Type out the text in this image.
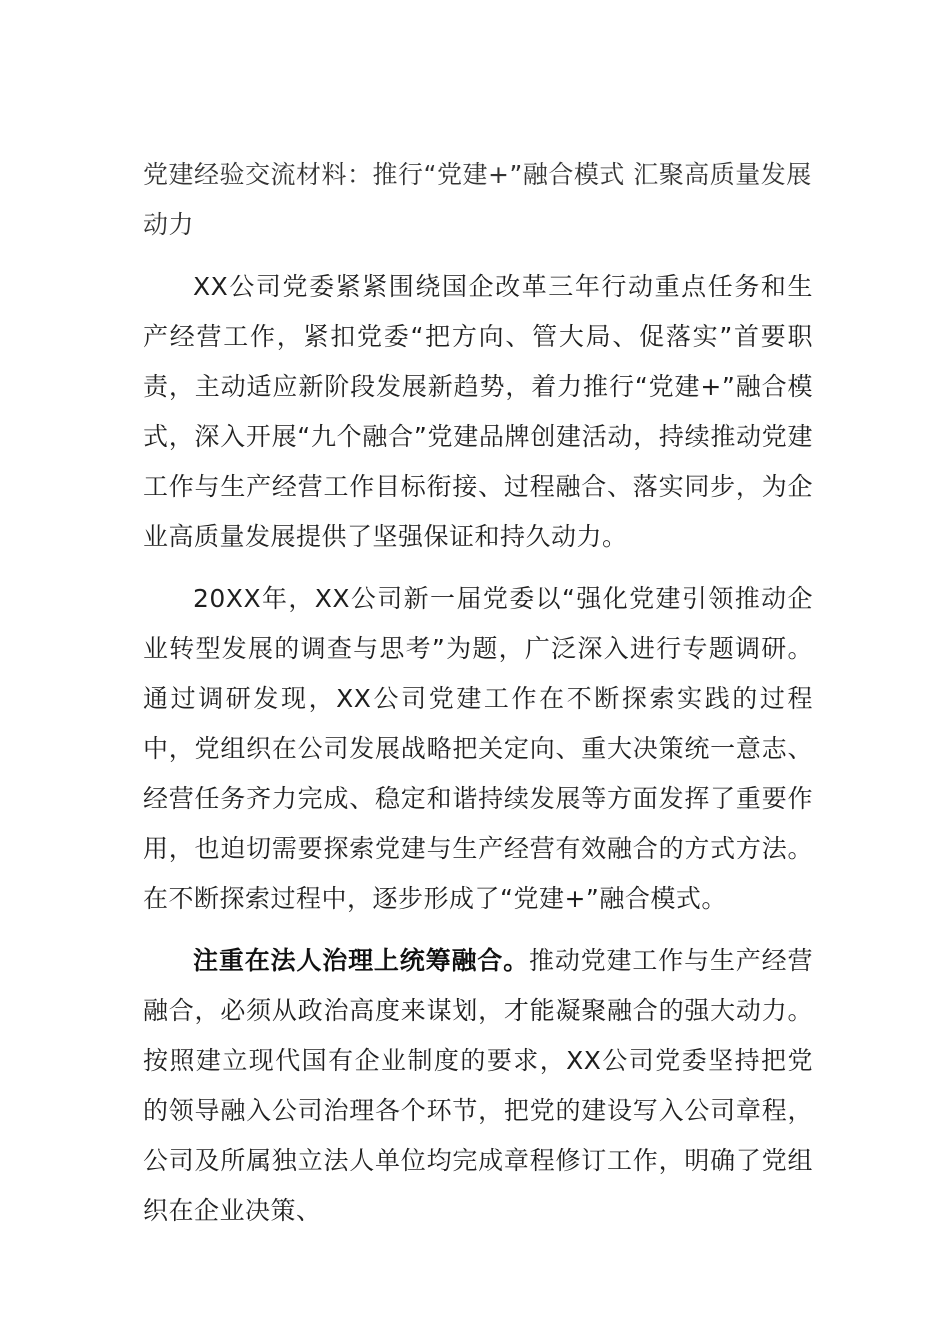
党建经验交流材料：推行“党建+”融合模式 汇聚高质量发展动力

XX公司党委紧紧围绕国企改革三年行动重点任务和生产经营工作，紧扣党委“把方向、管大局、促落实”首要职责，主动适应新阶段发展新趋势，着力推行“党建+”融合模式，深入开展“九个融合”党建品牌创建活动，持续推动党建工作与生产经营工作目标衔接、过程融合、落实同步，为企业高质量发展提供了坚强保证和持久动力。

20XX年，XX公司新一届党委以“强化党建引领推动企业转型发展的调查与思考”为题，广泛深入进行专题调研。通过调研发现，XX公司党建工作在不断探索实践的过程中，党组织在公司发展战略把关定向、重大决策统一意志、经营任务齐力完成、稳定和谐持续发展等方面发挥了重要作用，也迫切需要探索党建与生产经营有效融合的方式方法。在不断探索过程中，逐步形成了“党建+”融合模式。

注重在法人治理上统筹融合。推动党建工作与生产经营融合，必须从政治高度来谋划，才能凝聚融合的强大动力。按照建立现代国有企业制度的要求，XX公司党委坚持把党的领导融入公司治理各个环节，把党的建设写入公司章程，公司及所属独立法人单位均完成章程修订工作，明确了党组织在企业决策、
